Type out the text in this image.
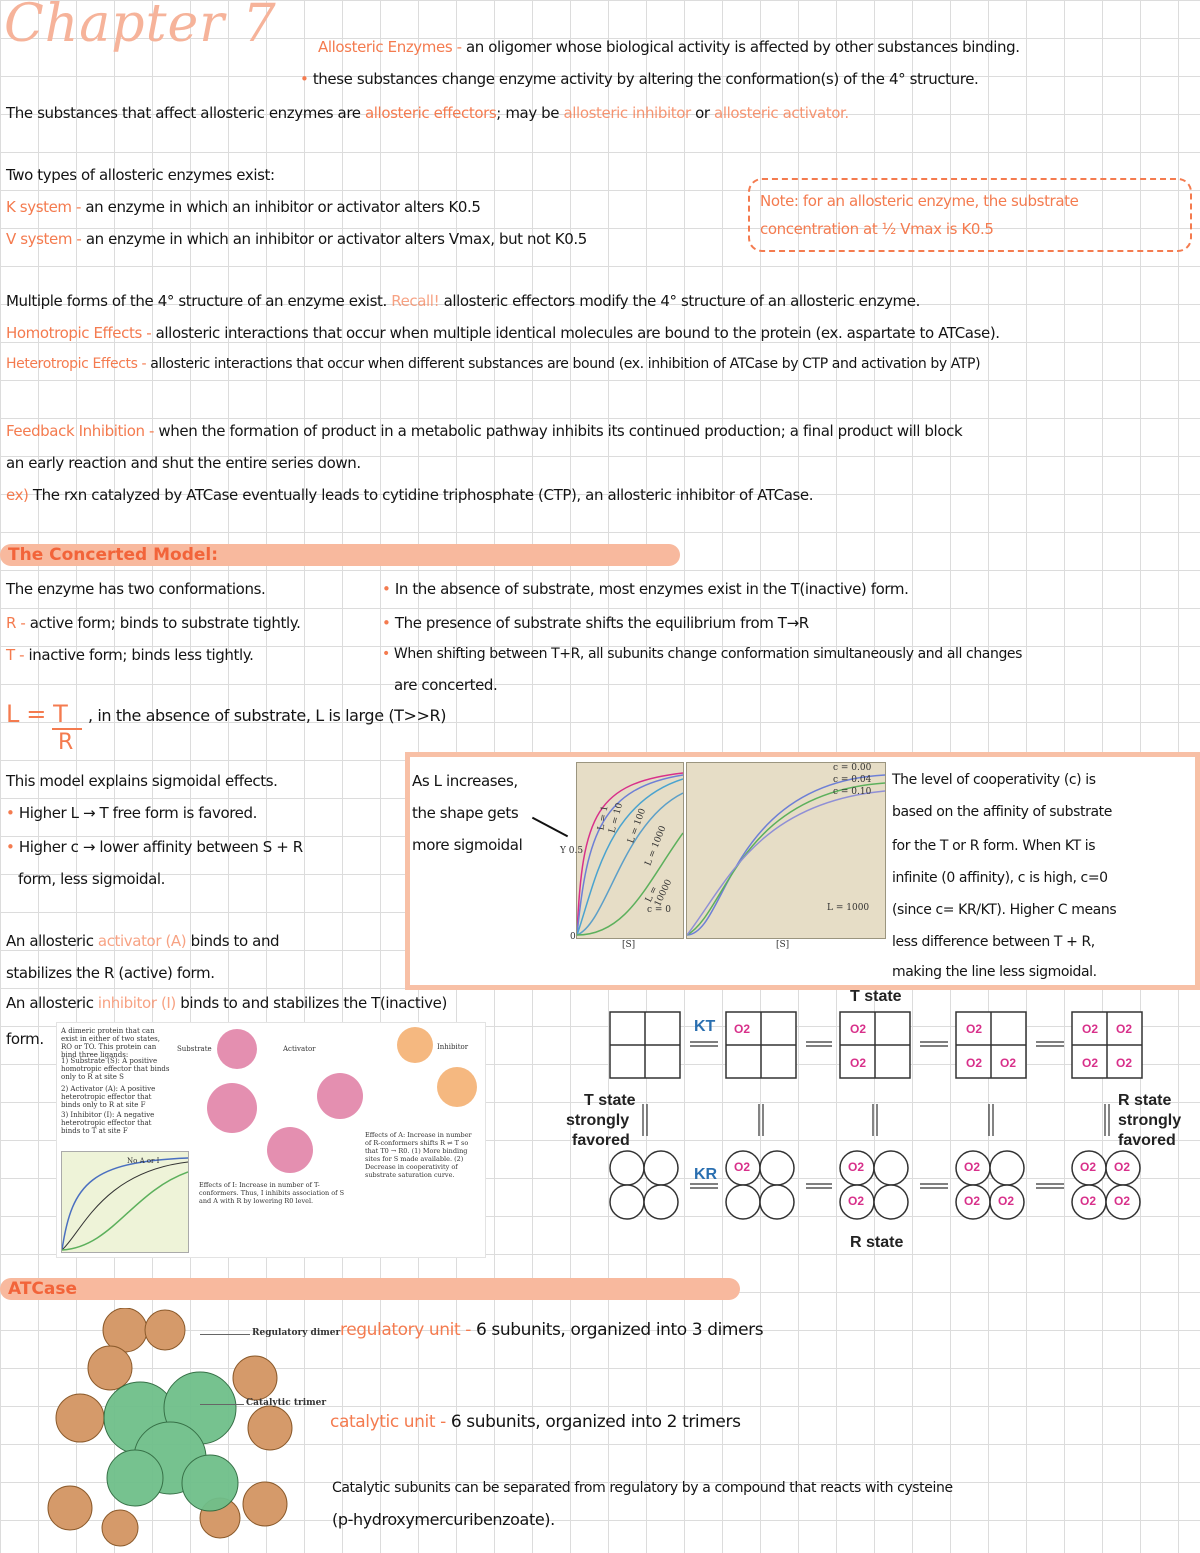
Chapter 7	Allosteric Enzymes - an oligomer whose biological activity is affected by other substances binding.
• these substances change enzyme activity by altering the conformation(s) of the 4° structure.
The substances that affect allosteric enzymes are allosteric effectors; may be allosteric inhibitor or allosteric activator.
Two types of allosteric enzymes exist:
K system - an enzyme in which an inhibitor or activator alters K0.5
V system - an enzyme in which an inhibitor or activator alters Vmax, but not K0.5
Note: for an allosteric enzyme, the substrate
concentration at ½ Vmax is K0.5
Multiple forms of the 4° structure of an enzyme exist. Recall! allosteric effectors modify the 4° structure of an allosteric enzyme.
Homotropic Effects - allosteric interactions that occur when multiple identical molecules are bound to the protein (ex. aspartate to ATCase).
Heterotropic Effects - allosteric interactions that occur when different substances are bound (ex. inhibition of ATCase by CTP and activation by ATP)
Feedback Inhibition - when the formation of product in a metabolic pathway inhibits its continued production; a final product will block
an early reaction and shut the entire series down.
ex) The rxn catalyzed by ATCase eventually leads to cytidine triphosphate (CTP), an allosteric inhibitor of ATCase.
The Concerted Model:
The enzyme has two conformations.
R - active form; binds to substrate tightly.
T - inactive form; binds less tightly.
• In the absence of substrate, most enzymes exist in the T(inactive) form.
• The presence of substrate shifts the equilibrium from T→R
• When shifting between T+R, all subunits change conformation simultaneously and all changes
are concerted.
L = T
R
, in the absence of substrate, L is large (T>>R)
This model explains sigmoidal effects.
• Higher L → T free form is favored.
• Higher c → lower affinity between S + R
form, less sigmoidal.
An allosteric activator (A) binds to and
stabilizes the R (active) form.
An allosteric inhibitor (I) binds to and stabilizes the T(inactive)
form.
As L increases,
the shape gets
more sigmoidal
L = 1
L = 10 L = 100
L = 1000
L = 10000
c = 0
Y 0.5
0
[S]
c = 0.00
c = 0.04
c = 0.10
L = 1000
[S]
The level of cooperativity (c) is
based on the affinity of substrate
for the T or R form. When KT is
infinite (0 affinity), c is high, c=0
(since c= KR/KT). Higher C means
less difference between T + R,
making the line less sigmoidal.
A dimeric protein that can exist in either of two states, RO or TO. This protein can bind three ligands:
1) Substrate (S): A positive homotropic effector that binds only to R at site S
2) Activator (A): A positive heterotropic effector that binds only to R at site F
3) Inhibitor (I): A negative heterotropic effector that binds to T at site F
Substrate	Activator	Inhibitor
No A or I
Effects of A: Increase in number of R-conformers shifts R ⇌ T so that T0 → R0. (1) More binding sites for S made available. (2) Decrease in cooperativity of substrate saturation curve.
Effects of I: Increase in number of T-conformers. Thus, I inhibits association of S and A with R by lowering R0 level.
T state
R state
T state
strongly
favored
R state
strongly
favored
KT
KR
O2	O2
O2
O2
O2 O2
O2 O2
O2 O2
O2	O2
O2
O2
O2 O2
O2 O2
O2 O2
ATCase
Regulatory dimer
Catalytic trimer
regulatory unit - 6 subunits, organized into 3 dimers
catalytic unit - 6 subunits, organized into 2 trimers
Catalytic subunits can be separated from regulatory by a compound that reacts with cysteine
(p-hydroxymercuribenzoate).
